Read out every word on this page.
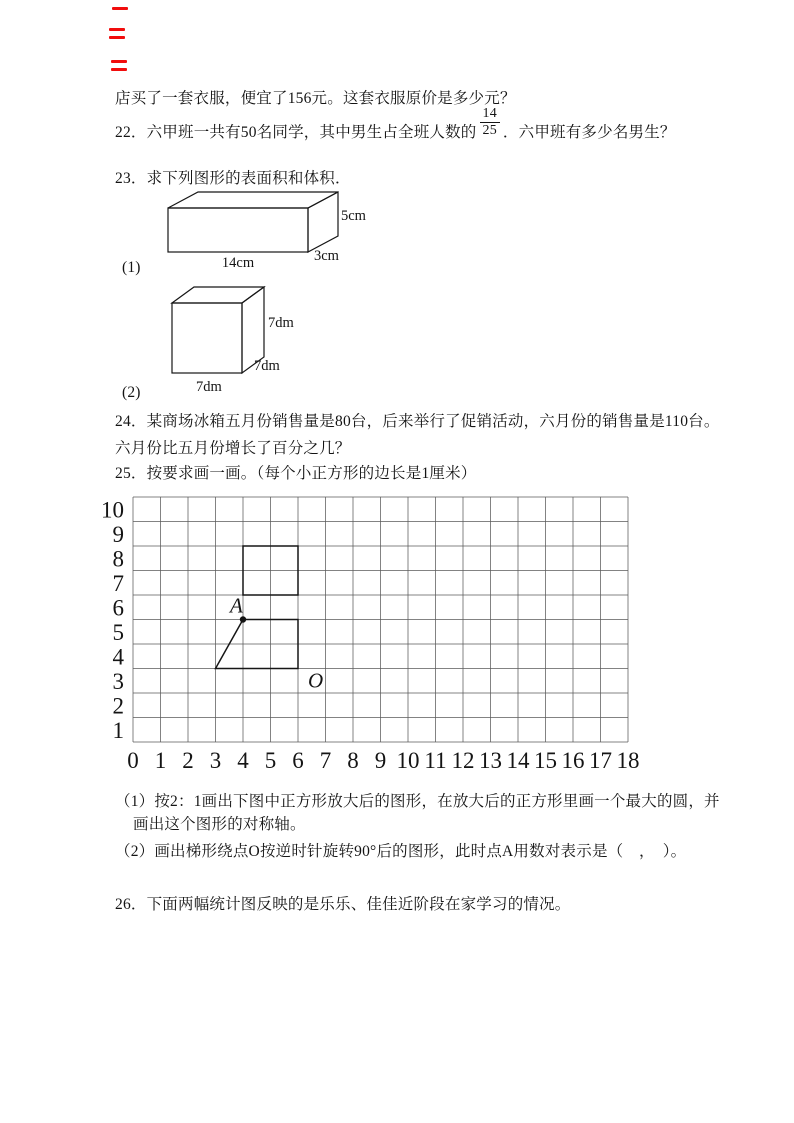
店买了一套衣服，便宜了156元。这套衣服原价是多少元？
22．六甲班一共有50名同学，其中男生占全班人数的 $\frac{14}{25}$ ．六甲班有多少名男生？
23．求下列图形的表面积和体积．
5cm
14cm	3cm
(1)
7dm
7dm
7dm
(2)
24．某商场冰箱五月份销售量是80台，后来举行了促销活动，六月份的销售量是110台。
六月份比五月份增长了百分之几？
25．按要求画一画。（每个小正方形的边长是1厘米）
0 1 2 3 4 5 6 7 8 9 10 11 12 13 14 15 16 17 18
10
9
8
7
6
5
4
3
2
1
A
O
（1）按2：1画出下图中正方形放大后的图形，在放大后的正方形里画一个最大的圆，并
画出这个图形的对称轴。
（2）画出梯形绕点O按逆时针旋转90°后的图形，此时点A用数对表示是（　，　）。
26．下面两幅统计图反映的是乐乐、佳佳近阶段在家学习的情况。
